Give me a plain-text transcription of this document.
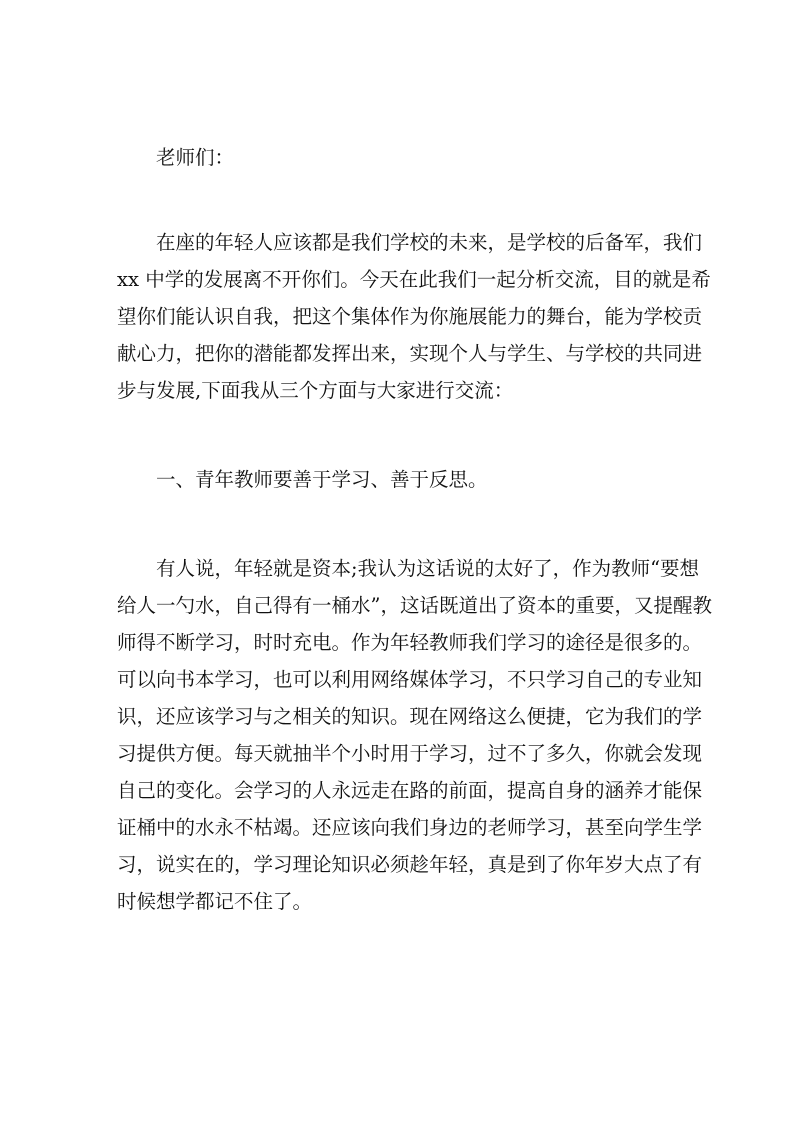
老师们：
在座的年轻人应该都是我们学校的未来，是学校的后备军，我们
xx 中学的发展离不开你们。今天在此我们一起分析交流，目的就是希
望你们能认识自我，把这个集体作为你施展能力的舞台，能为学校贡
献心力，把你的潜能都发挥出来，实现个人与学生、与学校的共同进
步与发展,下面我从三个方面与大家进行交流：
一、青年教师要善于学习、善于反思。
有人说，年轻就是资本;我认为这话说的太好了，作为教师“要想
给人一勺水，自己得有一桶水”，这话既道出了资本的重要，又提醒教
师得不断学习，时时充电。作为年轻教师我们学习的途径是很多的。
可以向书本学习，也可以利用网络媒体学习，不只学习自己的专业知
识，还应该学习与之相关的知识。现在网络这么便捷，它为我们的学
习提供方便。每天就抽半个小时用于学习，过不了多久，你就会发现
自己的变化。会学习的人永远走在路的前面，提高自身的涵养才能保
证桶中的水永不枯竭。还应该向我们身边的老师学习，甚至向学生学
习，说实在的，学习理论知识必须趁年轻，真是到了你年岁大点了有
时候想学都记不住了。
